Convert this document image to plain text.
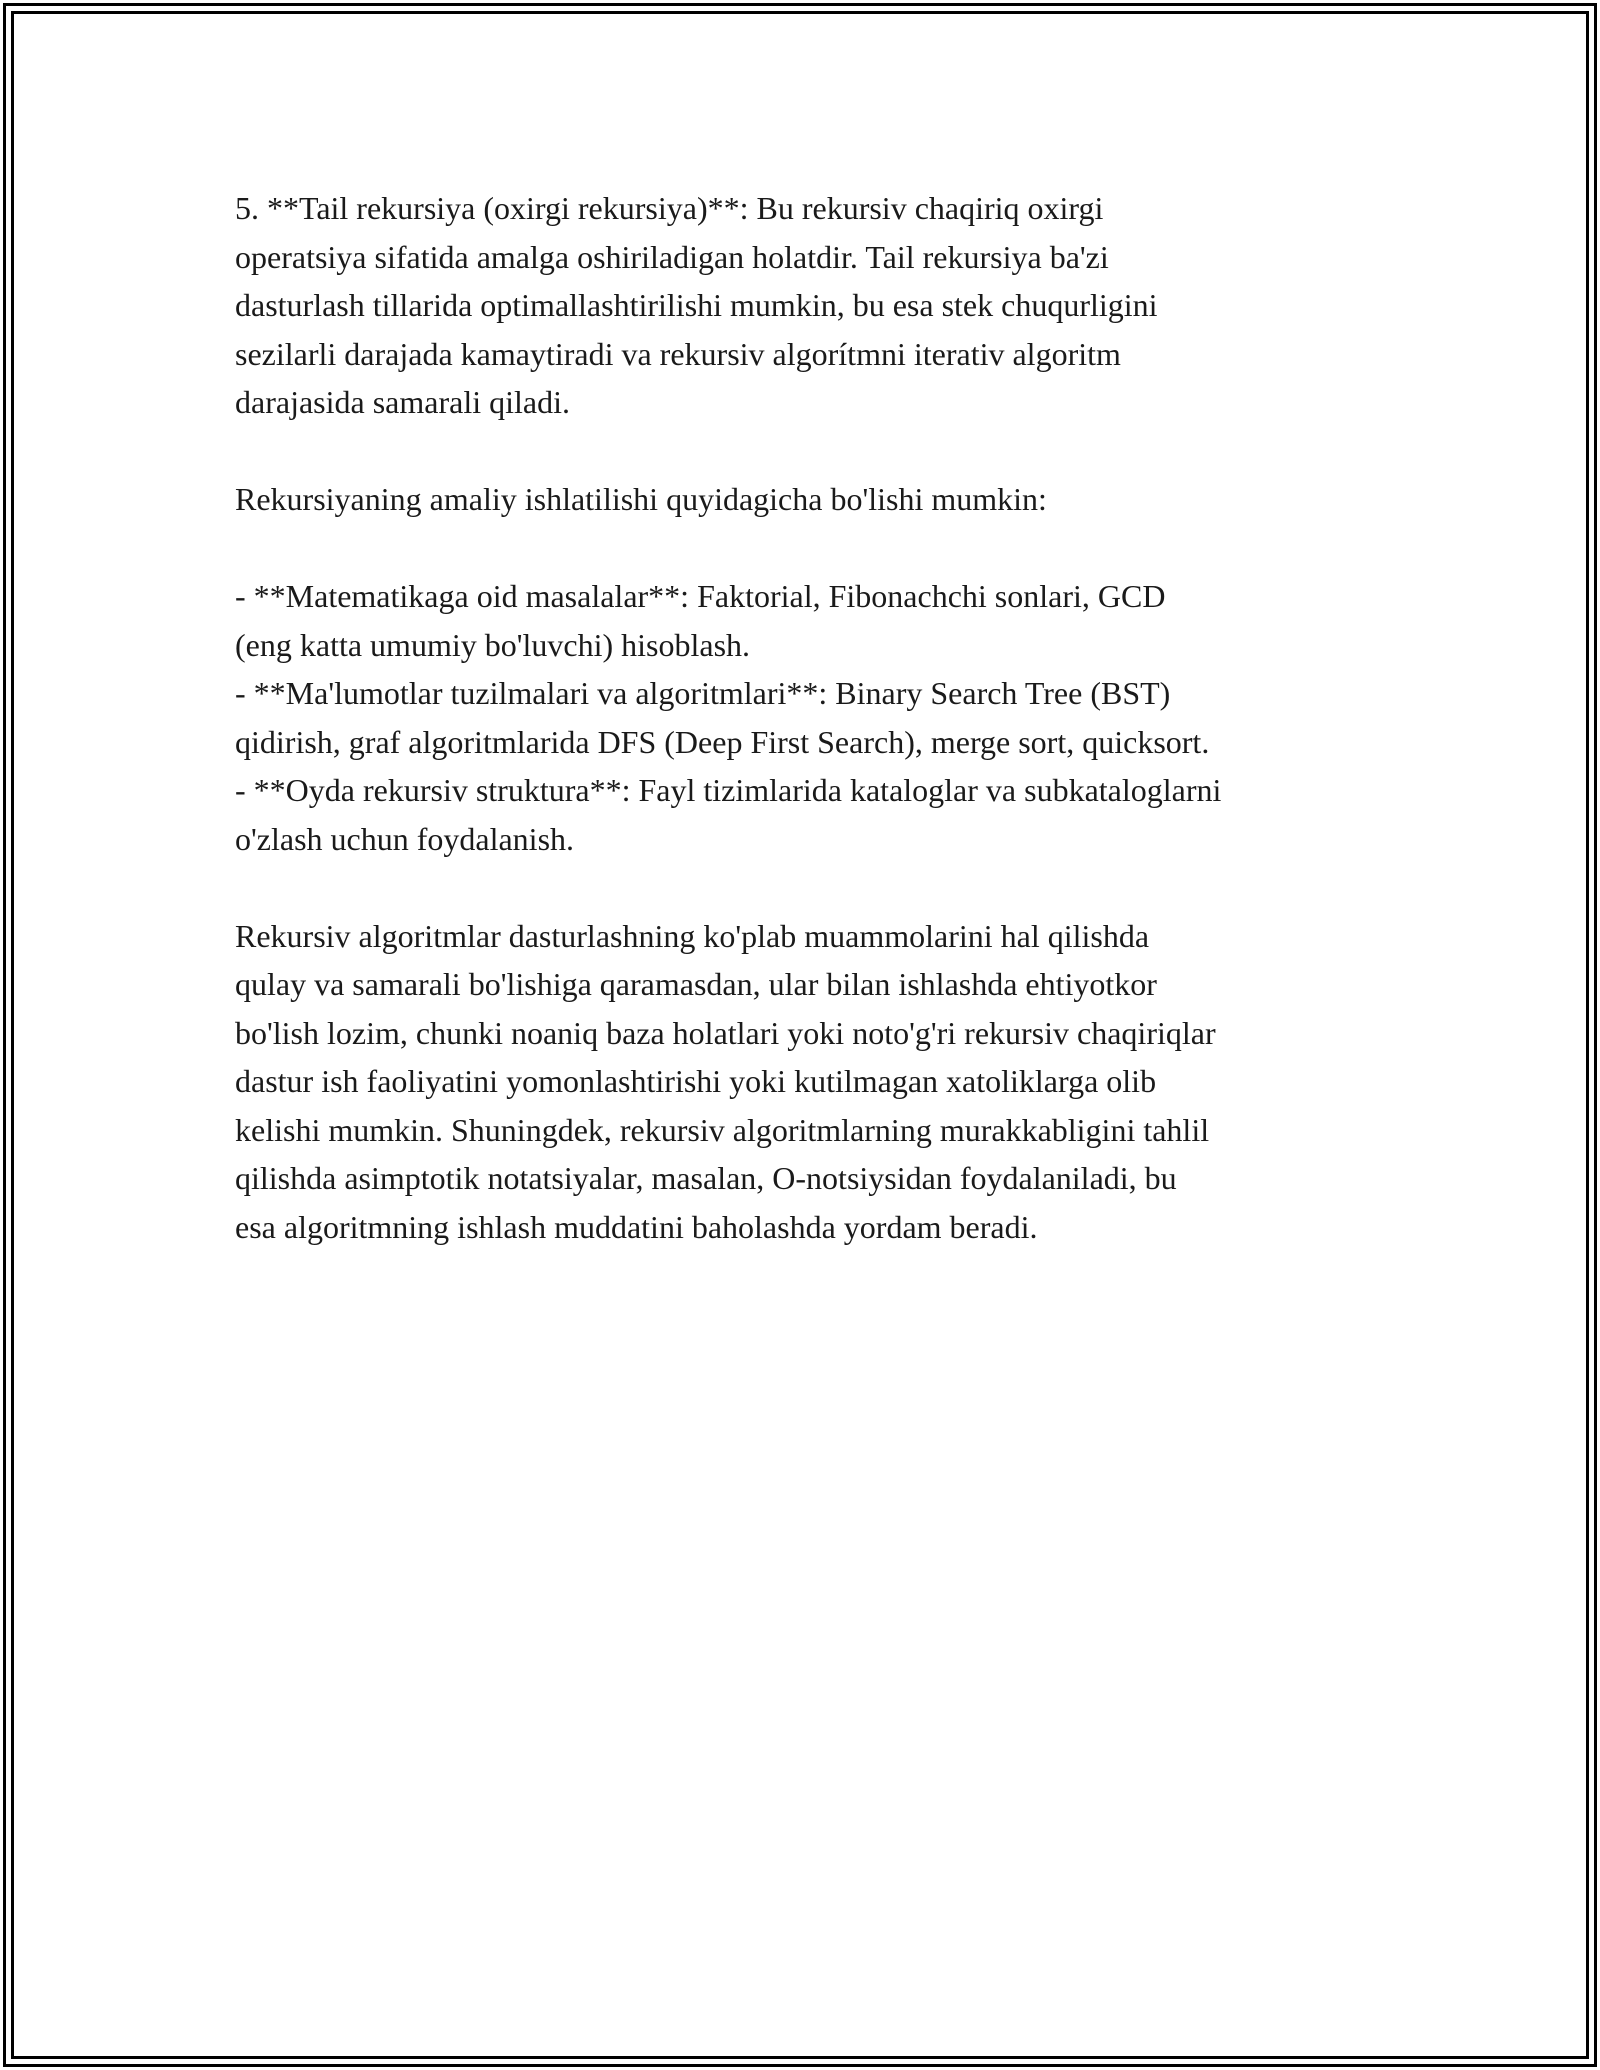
5. **Tail rekursiya (oxirgi rekursiya)**: Bu rekursiv chaqiriq oxirgi

operatsiya sifatida amalga oshiriladigan holatdir. Tail rekursiya ba'zi

dasturlash tillarida optimallashtirilishi mumkin, bu esa stek chuqurligini

sezilarli darajada kamaytiradi va rekursiv algorítmni iterativ algoritm

darajasida samarali qiladi.

Rekursiyaning amaliy ishlatilishi quyidagicha bo'lishi mumkin:

- **Matematikaga oid masalalar**: Faktorial, Fibonachchi sonlari, GCD

(eng katta umumiy bo'luvchi) hisoblash.

- **Ma'lumotlar tuzilmalari va algoritmlari**: Binary Search Tree (BST)

qidirish, graf algoritmlarida DFS (Deep First Search), merge sort, quicksort.

- **Oyda rekursiv struktura**: Fayl tizimlarida kataloglar va subkataloglarni

o'zlash uchun foydalanish.

Rekursiv algoritmlar dasturlashning ko'plab muammolarini hal qilishda

qulay va samarali bo'lishiga qaramasdan, ular bilan ishlashda ehtiyotkor

bo'lish lozim, chunki noaniq baza holatlari yoki noto'g'ri rekursiv chaqiriqlar

dastur ish faoliyatini yomonlashtirishi yoki kutilmagan xatoliklarga olib

kelishi mumkin. Shuningdek, rekursiv algoritmlarning murakkabligini tahlil

qilishda asimptotik notatsiyalar, masalan, O-notsiysidan foydalaniladi, bu

esa algoritmning ishlash muddatini baholashda yordam beradi.
